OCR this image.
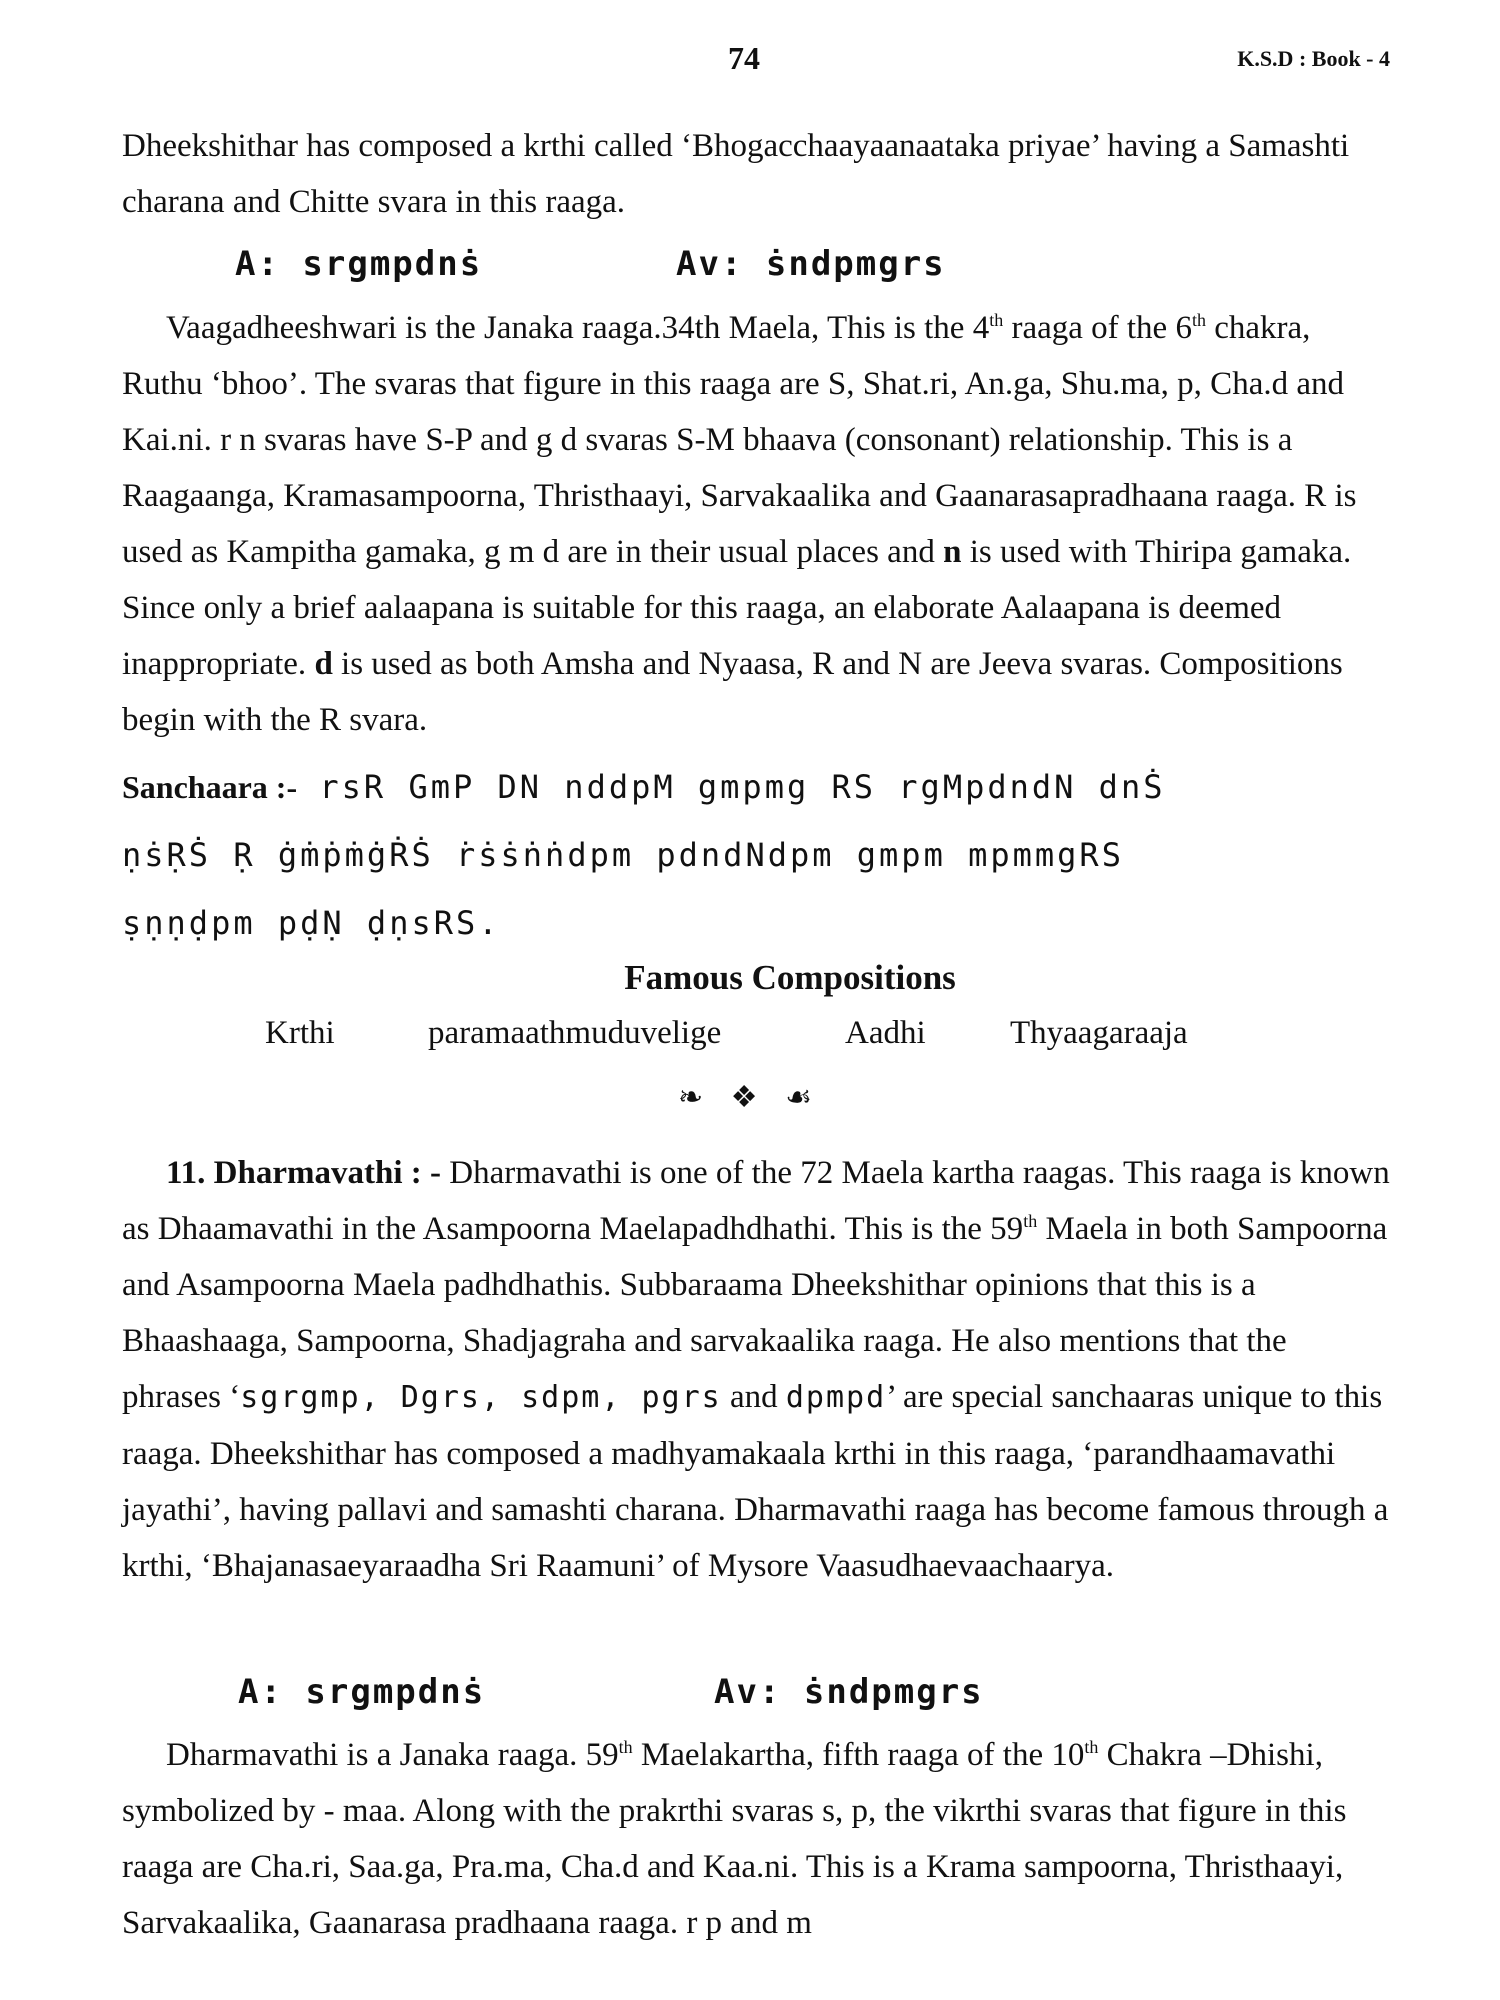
74	K.S.D : Book - 4

Dheekshithar has composed a krthi called ‘Bhogacchaayaanaataka priyae’ having a Samashti charana and Chitte svara in this raaga.

A: srgmpdnṡ	Av: ṡndpmgrs

Vaagadheeshwari is the Janaka raaga.34th Maela, This is the 4th raaga of the 6th chakra, Ruthu ‘bhoo’. The svaras that figure in this raaga are S, Shat.ri, An.ga, Shu.ma, p, Cha.d and Kai.ni. r n svaras have S-P and g d svaras S-M bhaava (consonant) relationship. This is a Raagaanga, Kramasampoorna, Thristhaayi, Sarvakaalika and Gaanarasapradhaana raaga. R is used as Kampitha gamaka, g m d are in their usual places and n is used with Thiripa gamaka. Since only a brief aalaapana is suitable for this raaga, an elaborate Aalaapana is deemed inappropriate. d is used as both Amsha and Nyaasa, R and N are Jeeva svaras. Compositions begin with the R svara.

Sanchaara :- rsR GmP DN nddpM gmpmg RS rgMpdndN dnṠ
ṇṡṚṠ Ṛ ġṁṗṁġṘṠ ṙṡṡṅṅdpm pdndNdpm gmpm mpmmgRS
ṣṇṇḍpm pḍṆ ḍṇsRS.
Famous Compositions
Krthi	paramaathmuduvelige	Aadhi	Thyaagaraaja
❧ ❖ ☙

11. Dharmavathi : - Dharmavathi is one of the 72 Maela kartha raagas. This raaga is known as Dhaamavathi in the Asampoorna Maelapadhdhathi. This is the 59th Maela in both Sampoorna and Asampoorna Maela padhdhathis. Subbaraama Dheekshithar opinions that this is a Bhaashaaga, Sampoorna, Shadjagraha and sarvakaalika raaga. He also mentions that the phrases ‘sgrgmp, Dgrs, sdpm, pgrs and dpmpd’ are special sanchaaras unique to this raaga. Dheekshithar has composed a madhyamakaala krthi in this raaga, ‘parandhaamavathi jayathi’, having pallavi and samashti charana. Dharmavathi raaga has become famous through a krthi, ‘Bhajanasaeyaraadha Sri Raamuni’ of Mysore Vaasudhaevaachaarya.

A: srgmpdnṡ	Av: ṡndpmgrs

Dharmavathi is a Janaka raaga. 59th Maelakartha, fifth raaga of the 10th Chakra –Dhishi, symbolized by - maa. Along with the prakrthi svaras s, p, the vikrthi svaras that figure in this raaga are Cha.ri, Saa.ga, Pra.ma, Cha.d and Kaa.ni. This is a Krama sampoorna, Thristhaayi, Sarvakaalika, Gaanarasa pradhaana raaga. r p and m
